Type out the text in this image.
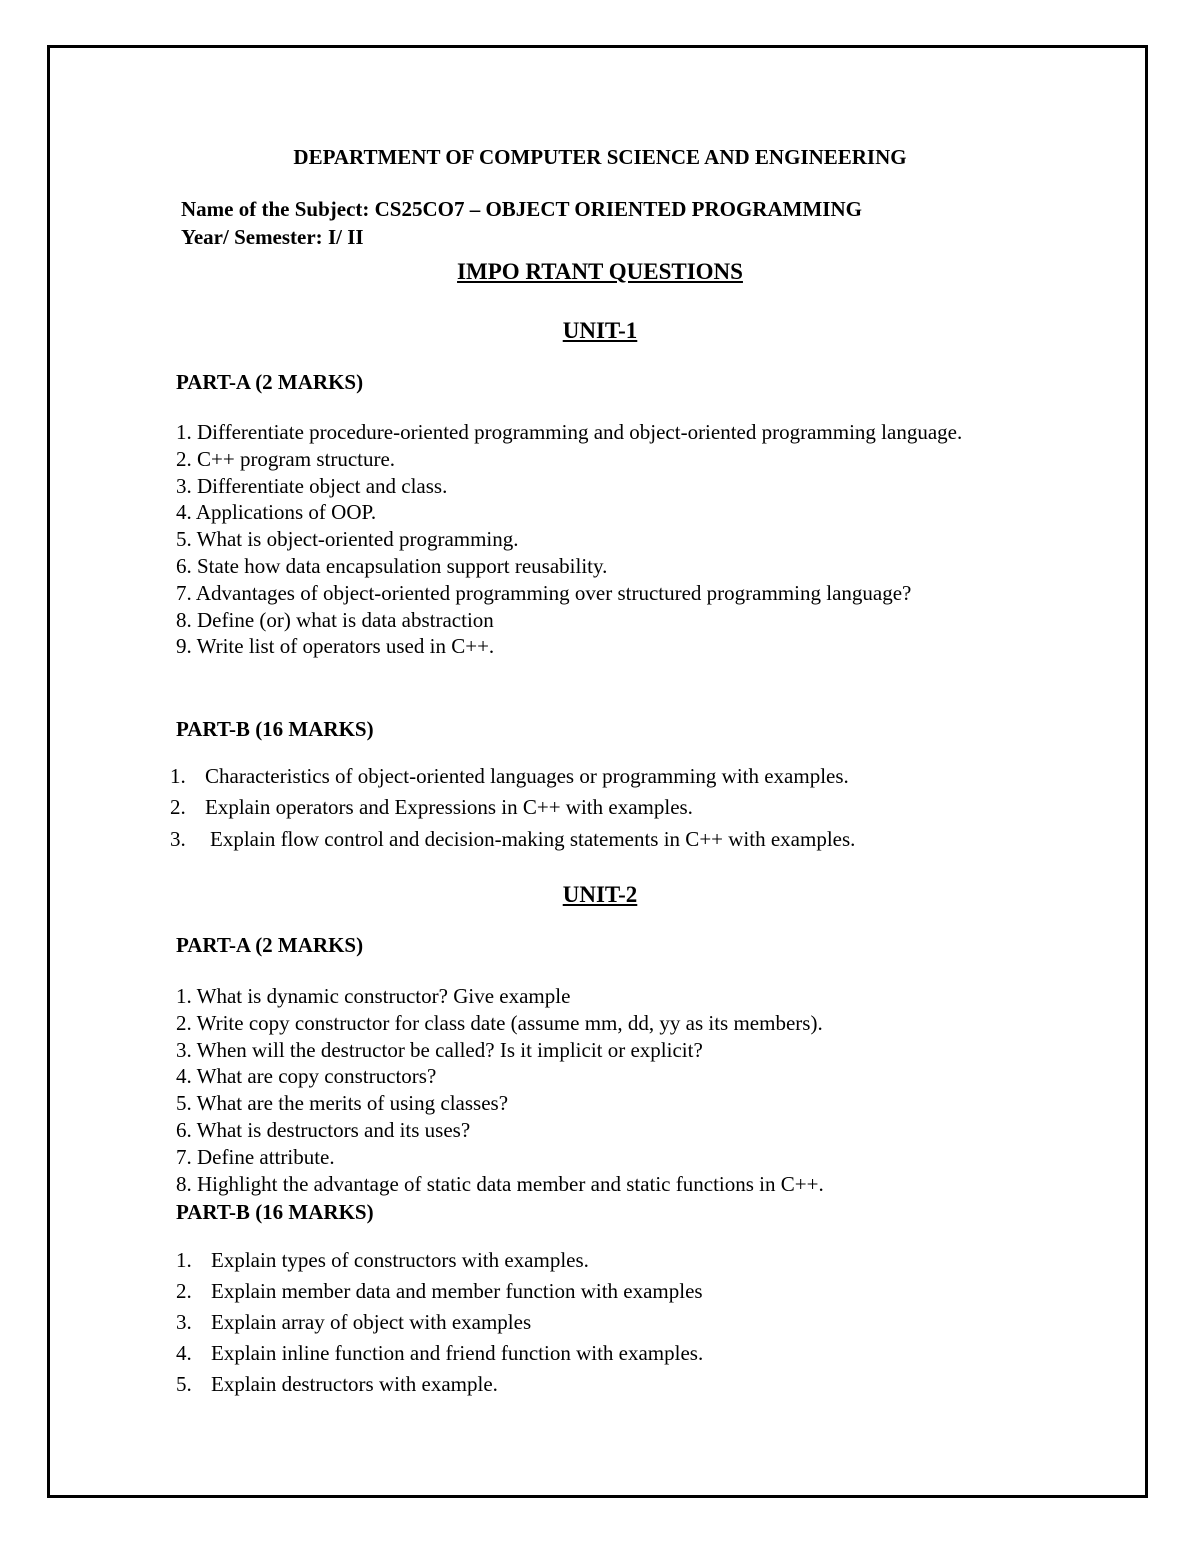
DEPARTMENT OF COMPUTER SCIENCE AND ENGINEERING
Name of the Subject: CS25CO7 – OBJECT ORIENTED PROGRAMMING
Year/ Semester: I/ II
IMPO RTANT QUESTIONS
UNIT-1
PART-A (2 MARKS)
1. Differentiate procedure-oriented programming and object-oriented programming language.
2. C++ program structure.
3. Differentiate object and class.
4. Applications of OOP.
5. What is object-oriented programming.
6. State how data encapsulation support reusability.
7. Advantages of object-oriented programming over structured programming language?
8. Define (or) what is data abstraction
9. Write list of operators used in C++.
PART-B (16 MARKS)
1. Characteristics of object-oriented languages or programming with examples.
2. Explain operators and Expressions in C++ with examples.
3. Explain flow control and decision-making statements in C++ with examples.
UNIT-2
PART-A (2 MARKS)
1. What is dynamic constructor? Give example
2. Write copy constructor for class date (assume mm, dd, yy as its members).
3. When will the destructor be called? Is it implicit or explicit?
4. What are copy constructors?
5. What are the merits of using classes?
6. What is destructors and its uses?
7. Define attribute.
8. Highlight the advantage of static data member and static functions in C++.
PART-B (16 MARKS)
1. Explain types of constructors with examples.
2. Explain member data and member function with examples
3. Explain array of object with examples
4. Explain inline function and friend function with examples.
5. Explain destructors with example.
